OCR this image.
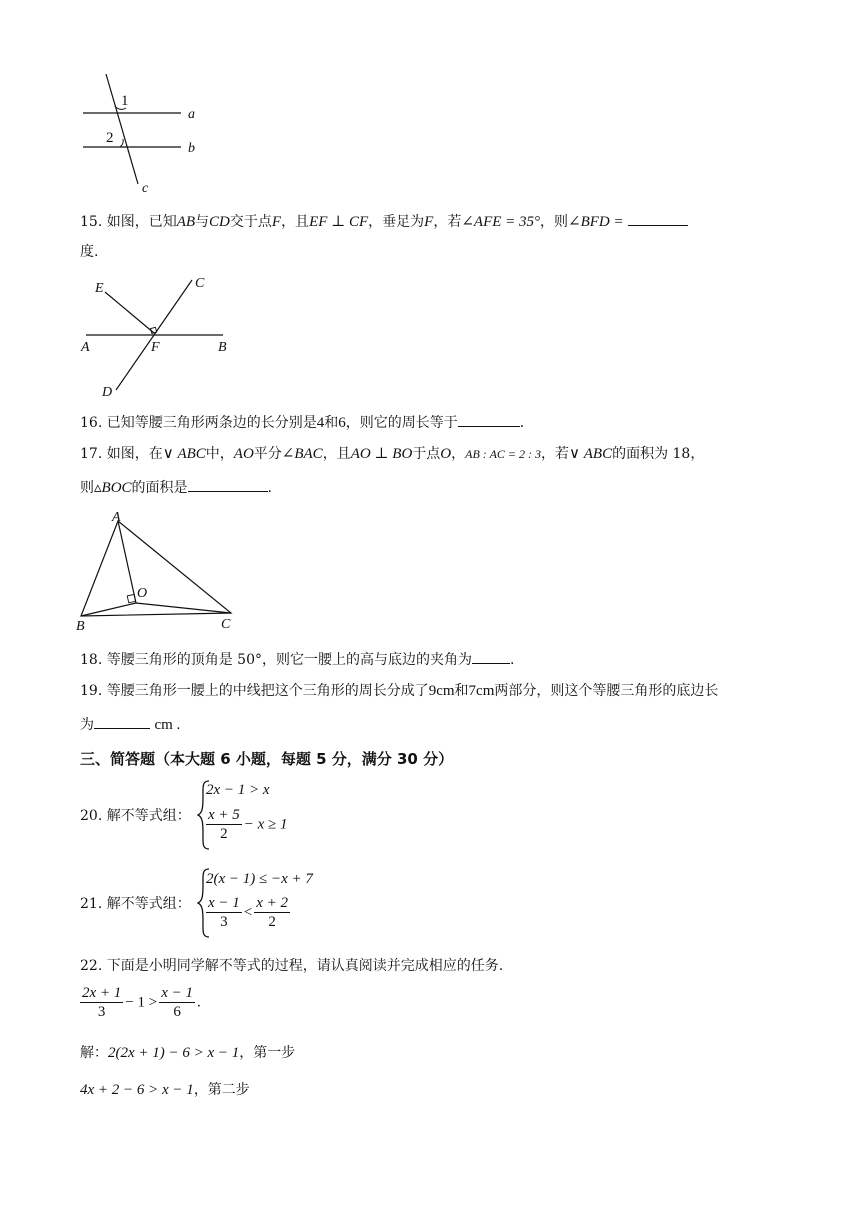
1
2
a
b
c
15. 如图，已知AB与CD交于点F，且EF ⊥ CF，垂足为F，若∠AFE = 35°，则∠BFD =
度.
E	C
A	F	B
D
16. 已知等腰三角形两条边的长分别是4和6，则它的周长等于	.
17. 如图，在∨ ABC中，AO平分∠BAC，且AO ⊥ BO于点O，AB : AC = 2 : 3，若∨ ABC的面积为 18，
则▵BOC的面积是	.
A
O
B	C
18. 等腰三角形的顶角是 50°，则它一腰上的高与底边的夹角为	.
19. 等腰三角形一腰上的中线把这个三角形的周长分成了9cm和7cm两部分，则这个等腰三角形的底边长
为	cm .
三、简答题（本大题 6 小题，每题 5 分，满分 30 分）
20. 解不等式组：
2x − 1 > x
$\frac{x + 5}{2} - x \ge 1$
21. 解不等式组：
2(x − 1) ≤ −x + 7
$\frac{x - 1}{3} < \frac{x + 2}{2}$
22. 下面是小明同学解不等式的过程，请认真阅读并完成相应的任务.
$\frac{2x + 1}{3} - 1 > \frac{x - 1}{6}$ .
解：2(2x + 1) − 6 > x − 1，第一步
4x + 2 − 6 > x − 1，第二步
